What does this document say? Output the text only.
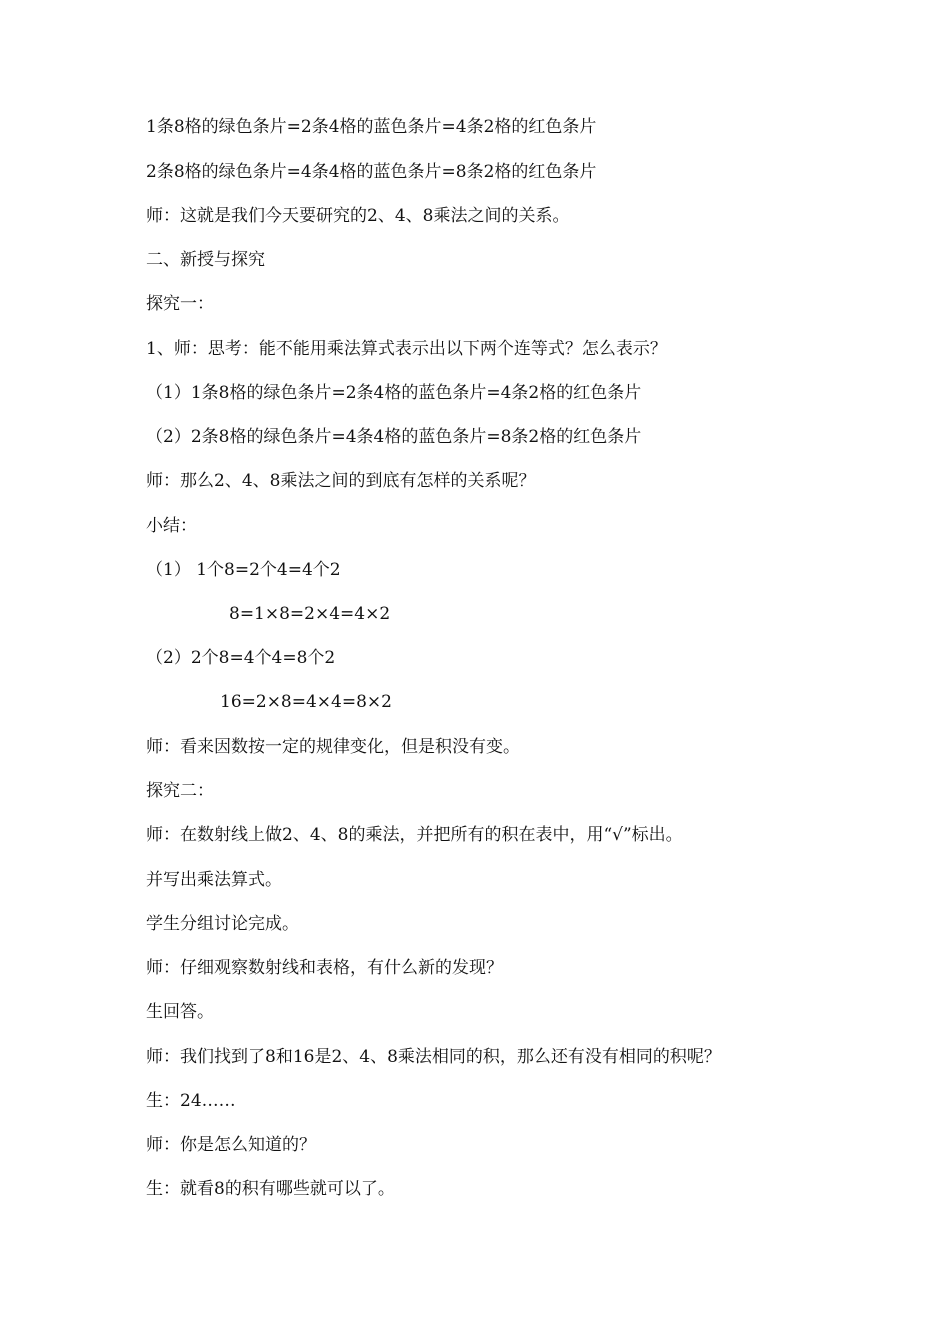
1条8格的绿色条片=2条4格的蓝色条片=4条2格的红色条片
2条8格的绿色条片=4条4格的蓝色条片=8条2格的红色条片
师：这就是我们今天要研究的2、4、8乘法之间的关系。
二、新授与探究
探究一：
1、师：思考：能不能用乘法算式表示出以下两个连等式？怎么表示？
（1）1条8格的绿色条片=2条4格的蓝色条片=4条2格的红色条片
（2）2条8格的绿色条片=4条4格的蓝色条片=8条2格的红色条片
师：那么2、4、8乘法之间的到底有怎样的关系呢？
小结：
（1） 1个8=2个4=4个2
8=1×8=2×4=4×2
（2）2个8=4个4=8个2
16=2×8=4×4=8×2
师：看来因数按一定的规律变化，但是积没有变。
探究二：
师：在数射线上做2、4、8的乘法，并把所有的积在表中，用“√”标出。
并写出乘法算式。
学生分组讨论完成。
师：仔细观察数射线和表格，有什么新的发现？
生回答。
师：我们找到了8和16是2、4、8乘法相同的积，那么还有没有相同的积呢？
生：24……
师：你是怎么知道的？
生：就看8的积有哪些就可以了。
